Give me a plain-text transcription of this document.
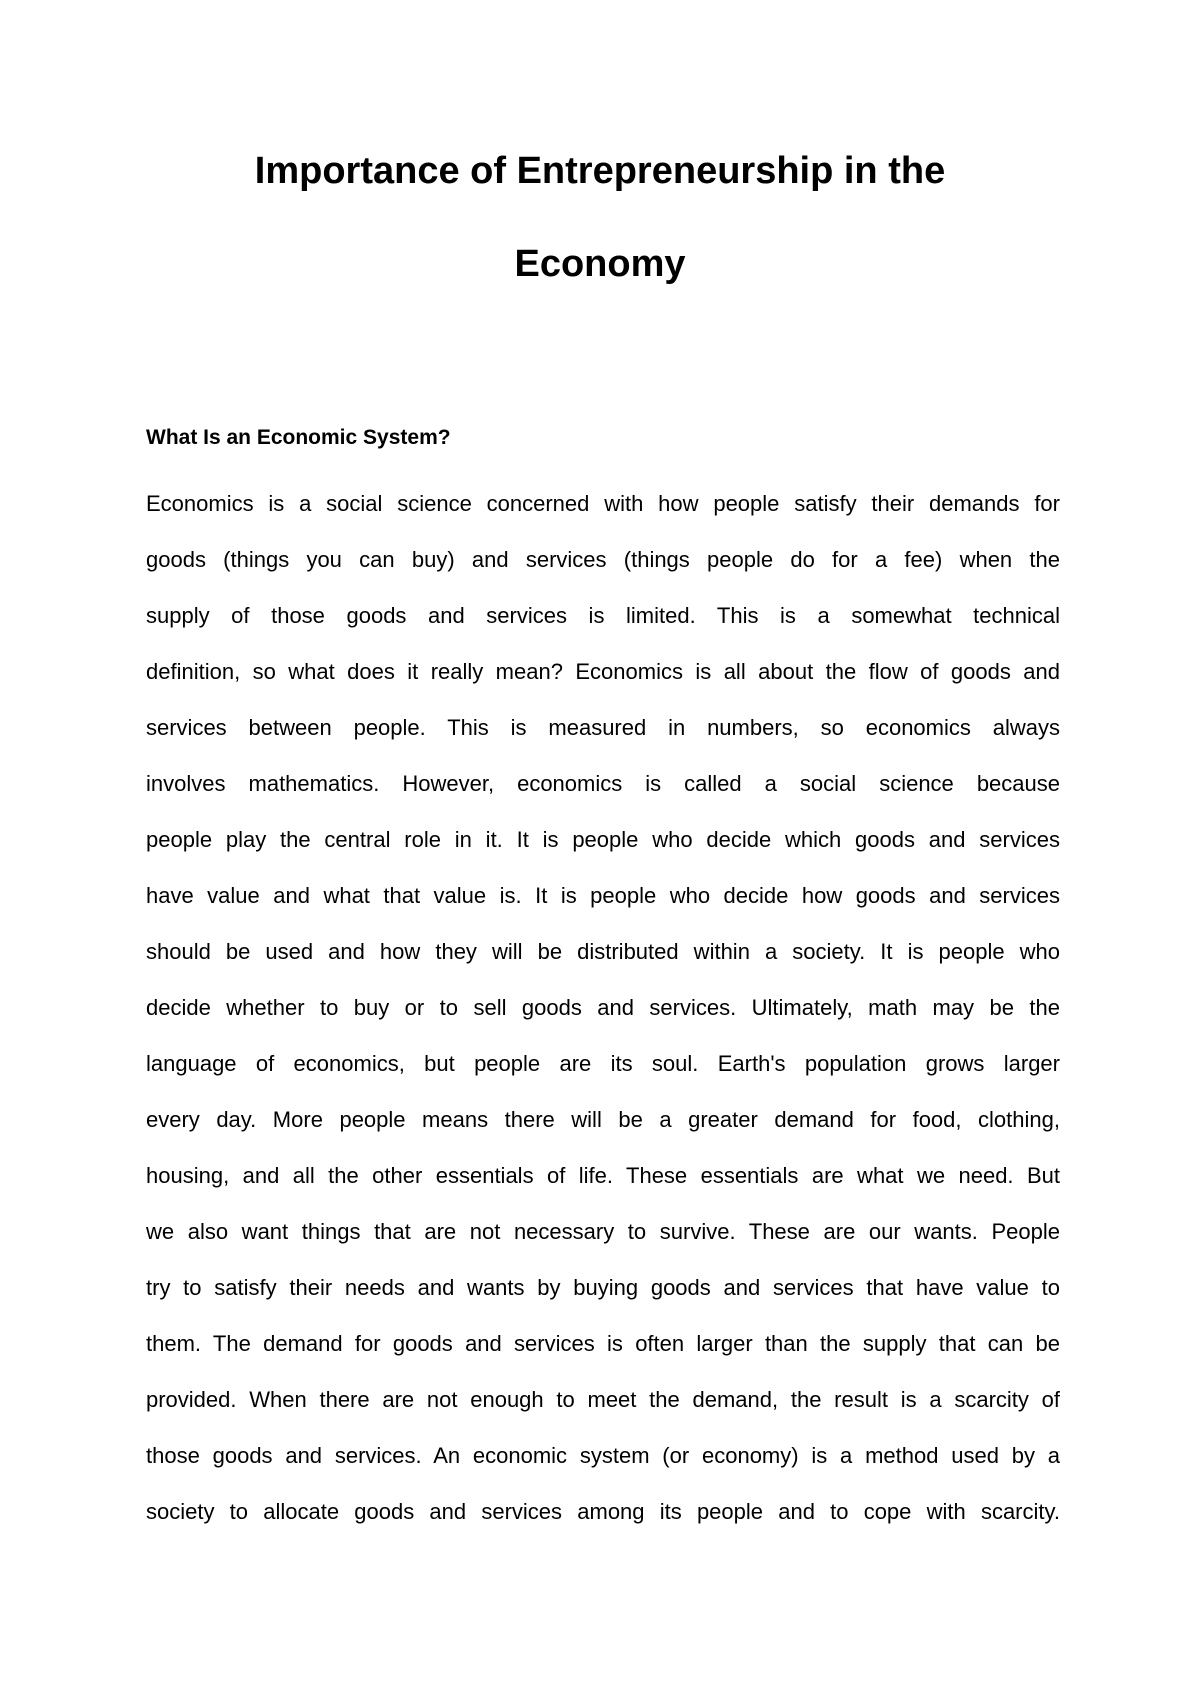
Importance of Entrepreneurship in the
Economy
What Is an Economic System?
Economics is a social science concerned with how people satisfy their demands for
goods (things you can buy) and services (things people do for a fee) when the
supply of those goods and services is limited. This is a somewhat technical
definition, so what does it really mean? Economics is all about the flow of goods and
services between people. This is measured in numbers, so economics always
involves mathematics. However, economics is called a social science because
people play the central role in it. It is people who decide which goods and services
have value and what that value is. It is people who decide how goods and services
should be used and how they will be distributed within a society. It is people who
decide whether to buy or to sell goods and services. Ultimately, math may be the
language of economics, but people are its soul. Earth's population grows larger
every day. More people means there will be a greater demand for food, clothing,
housing, and all the other essentials of life. These essentials are what we need. But
we also want things that are not necessary to survive. These are our wants. People
try to satisfy their needs and wants by buying goods and services that have value to
them. The demand for goods and services is often larger than the supply that can be
provided. When there are not enough to meet the demand, the result is a scarcity of
those goods and services. An economic system (or economy) is a method used by a
society to allocate goods and services among its people and to cope with scarcity.
